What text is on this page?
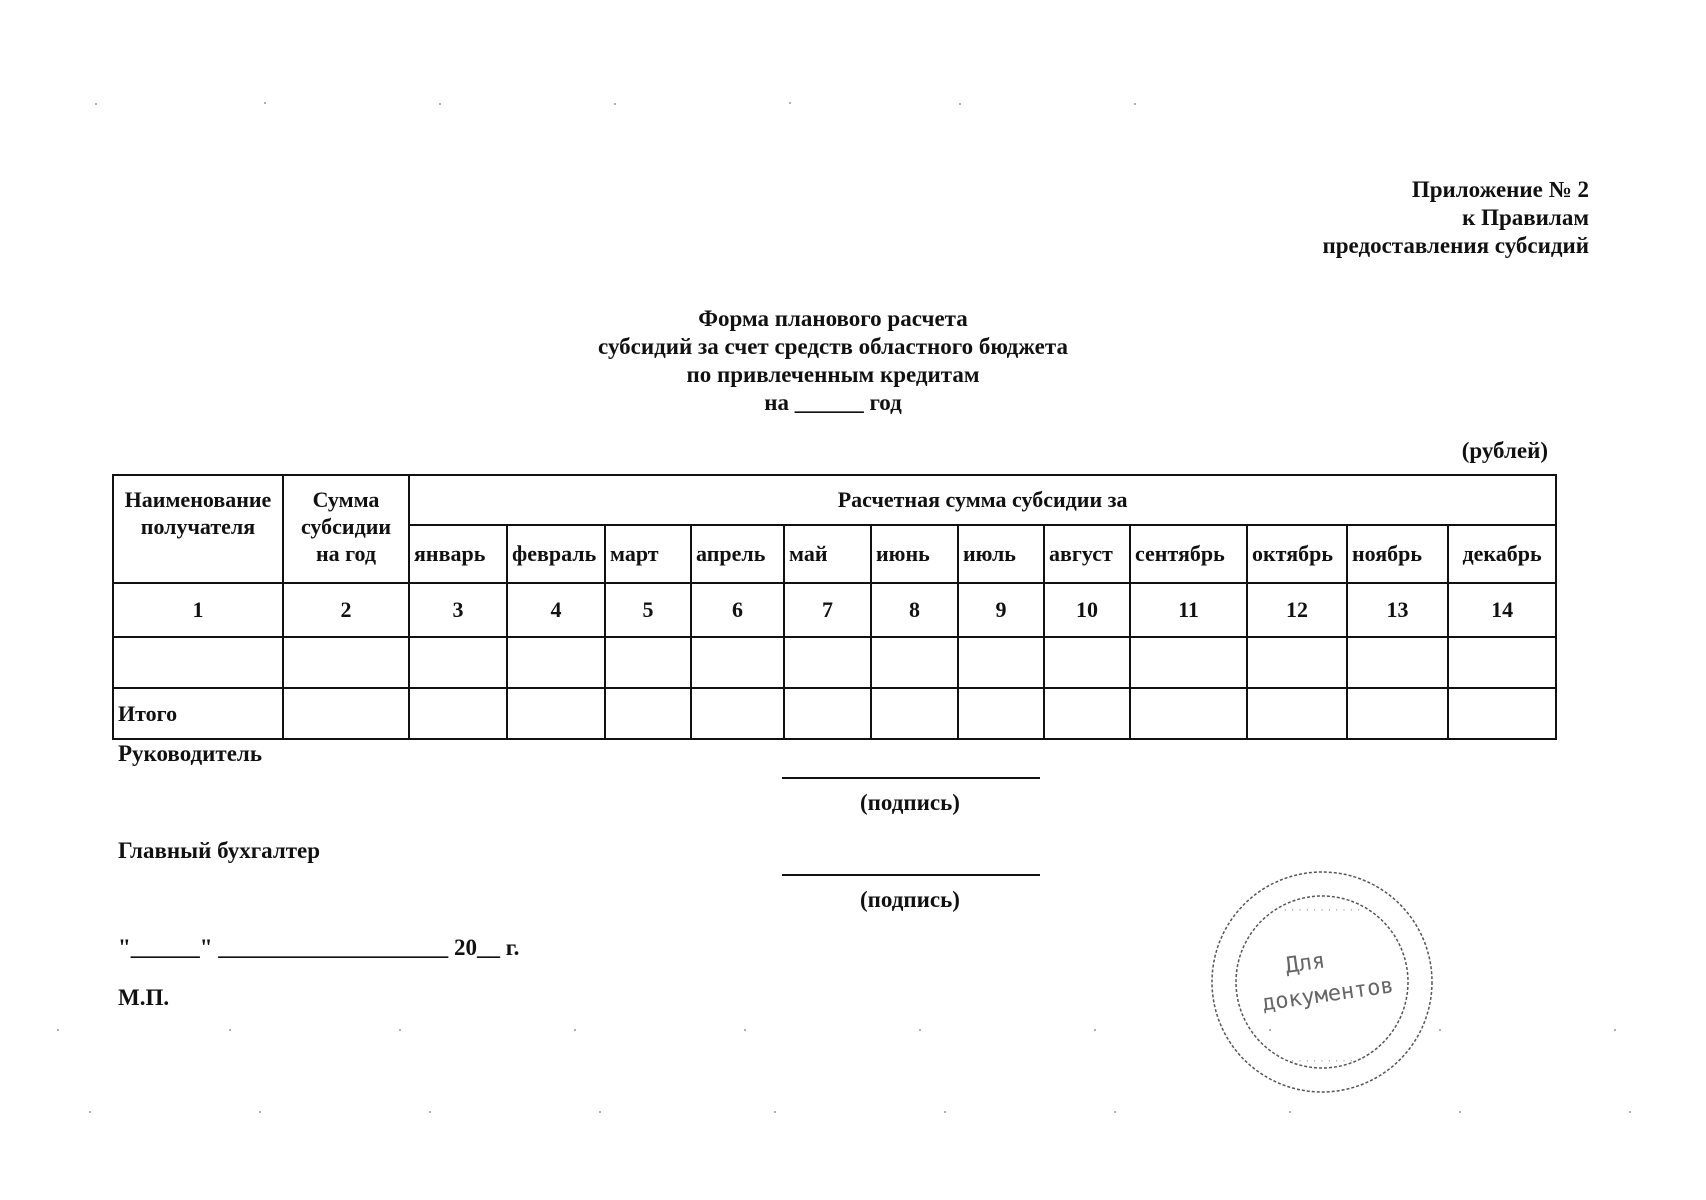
Приложение № 2
к Правилам
предоставления субсидий
Форма планового расчета
субсидий за счет средств областного бюджета
по привлеченным кредитам
на ______ год
(рублей)
Наименование получателя	Сумма субсидии на год	Расчетная сумма субсидии за											
		январь	февраль	март	апрель	май	июнь	июль	август	сентябрь	октябрь	ноябрь	декабрь
1	2	3	4	5	6	7	8	9	10	11	12	13	14

Итого													
Руководитель
(подпись)
Главный бухгалтер
(подпись)
"______" ____________________ 20__ г.
М.П.
· · · · · · · · · · ·
· · · · · · · · ·
Для
документов
